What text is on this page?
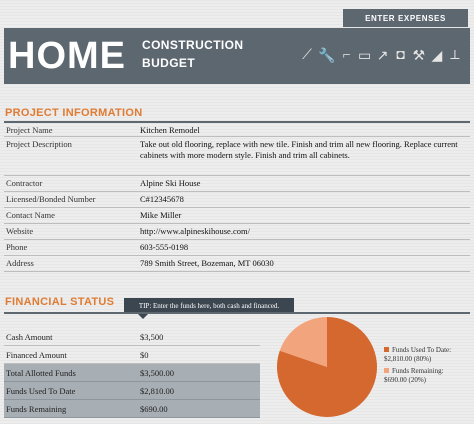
ENTER EXPENSES
HOME CONSTRUCTION
BUDGET	⟋ 🔧 ⌐ ▭ ↗ ◘ ⚒ ◢ ⟂
PROJECT INFORMATION
Project Name	Kitchen Remodel
Project Description	Take out old flooring, replace with new tile. Finish and trim all new flooring. Replace current cabinets with more modern style. Finish and trim all cabinets.
Contractor	Alpine Ski House
Licensed/Bonded Number	C#12345678
Contact Name	Mike Miller
Website	http://www.alpineskihouse.com/
Phone	603-555-0198
Address	789 Smith Street, Bozeman, MT 06030
FINANCIAL STATUS	TIP: Enter the funds here, both cash and financed.
Cash Amount	$3,500
Financed Amount	$0
Total Allotted Funds	$3,500.00
Funds Used To Date	$2,810.00
Funds Remaining	$690.00
Funds Used To Date:
$2,810.00 (80%)
Funds Remaining:
$690.00 (20%)
